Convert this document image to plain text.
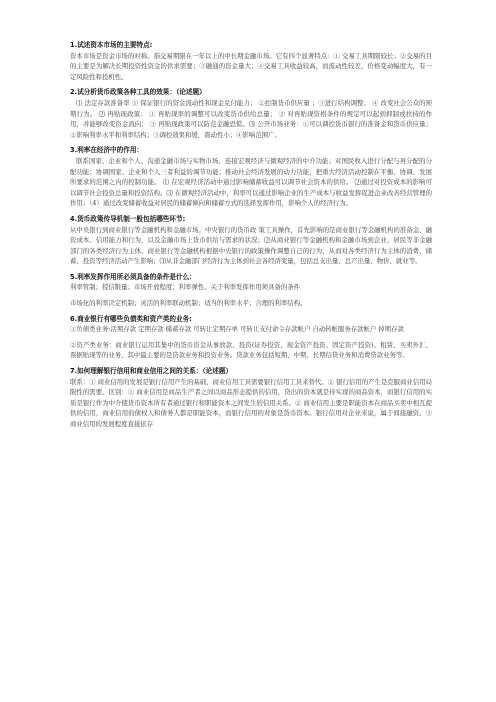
1.试述资本市场的主要特点:
资本市场是资金市场的对称。指交易期限在一年以上的中长期金融市场。它有四个显著特点：① 交易工具期限较长；②交易的目的主要是为解决长期投资性资金的供求需要；③融通的资金量大；④交易工具收益较高，而流动性较差，价格变动幅度大，有一定风险性和投机性。
2.试分析货币政策各种工具的效果：（论述题）
⑴ 法定存款准备率 ① 保证银行的资金流动性和现金兑付能力； ②控制货币供应量 ；③进行结构调整； ④ 改变社会公众的预期行为。 ⑵ 再贴现政策： ① 再贴现率的调整可以改变货币供给总量； ② 对再贴现资格条件的规定可以起到抑制或扶持的作用，并能够改变资金流向； ③ 再贴现政策可以防范金融恐慌。⑶ 公开市场业务：①可以调控货币银行的准备金和货币供应量； ②影响利率水平和利率结构；③调控效果和缓，震动性小；④影响范围广。
3.利率在经济中的作用：
联系国家、企业和个人、沟通金融市场与实物市场、连接宏观经济与微观经济的中介功能；对国民收入进行分配与再分配的分配功能；协调国家、企业和个人三者利益的调节功能；推动社会经济发展的动力功能；把重大经济活动控制在平衡、协调、发展所要求的范围之内的控制功能。 ⑴ 在宏观经济活动中通过影响储蓄收益可以调节社会资本的供给。 ⑵通过对投资成本的影响可以调节社会投资总量和投资结构。⑶ 在微观经济活动中，利率可以通过影响企业的生产成本与收益发挥促进企业改善经营管理的作用；（4）通过改变储蓄收益对居民的储蓄倾向和储蓄方式的选择发挥作用，影响个人的经济行为。
4.货币政策传导机制一般包括哪些环节:
从中央银行到商业银行等金融机构和金融市场。中央银行的货币政 策工具操作，首先影响的是商业银行等金融机构的准备金、融资成本、信用能力和行为，以及金融市场上货币供给与需求的状况；⑵从商业银行等金融机构和金融市场到企业、居民等非金融部门的各类经济行为主体。商业银行等金融机构根据中央银行的政策操作调整自己的行为，从而对各类经济行为主体的消费、储蓄、投资等经济活动产生影响；⑶从非金融部门经济行为主体到社会各经济变量，包括总支出量、总产出量、物价、就业等。
5.利率发挥作用所必须具备的条件是什么：
利率管制；授信限量；市场开放程度；利率弹性。关于利率发挥作用须具备的条件
市场化的利率决定机制；灵活的利率联动机制；适当的利率水平；合理的利率结构。
6.商业银行有哪些负债类和资产类的业务:
①负债类业务:活期存款 定期存款 储蓄存款 可转让定期存单 可转让支付命令存款帐户 自动转帐服务存款帐户 掉期存款
②资产类业务：商业银行运用其集中的货币资金从事放款、投资(证券投资、现金资产投资、固定资产投资)、租赁、买卖外汇、票据贴现等的业务。其中最主要的是贷款业务和投资业务。贷款业务包括短期、中期、长期信贷业务和消费贷款业务等。
7.如何理解银行信用和商业信用之间的关系：（论述题）
联系：① 商业信用的发展是银行信用产生的基础，商业信用工具需要银行信用工具来替代。② 银行信用的产生是克服商业信用局限性的需要。区别：① 商业信用是商品生产者之间以商品形态提供的信用，贷出的资本就是待实现的商品资本，而银行信用的实质是银行作为中介使货币资本所有者通过银行和职能资本之间发生的信用关系。② 商业信用主要是职能资本在商品买卖中相互提供的信用，商业信用的债权人和债务人都是职能资本，而银行信用的对象是货币资本。银行信用对企业来说，属于间接融资。③ 商业信用的发展程度直接依存
